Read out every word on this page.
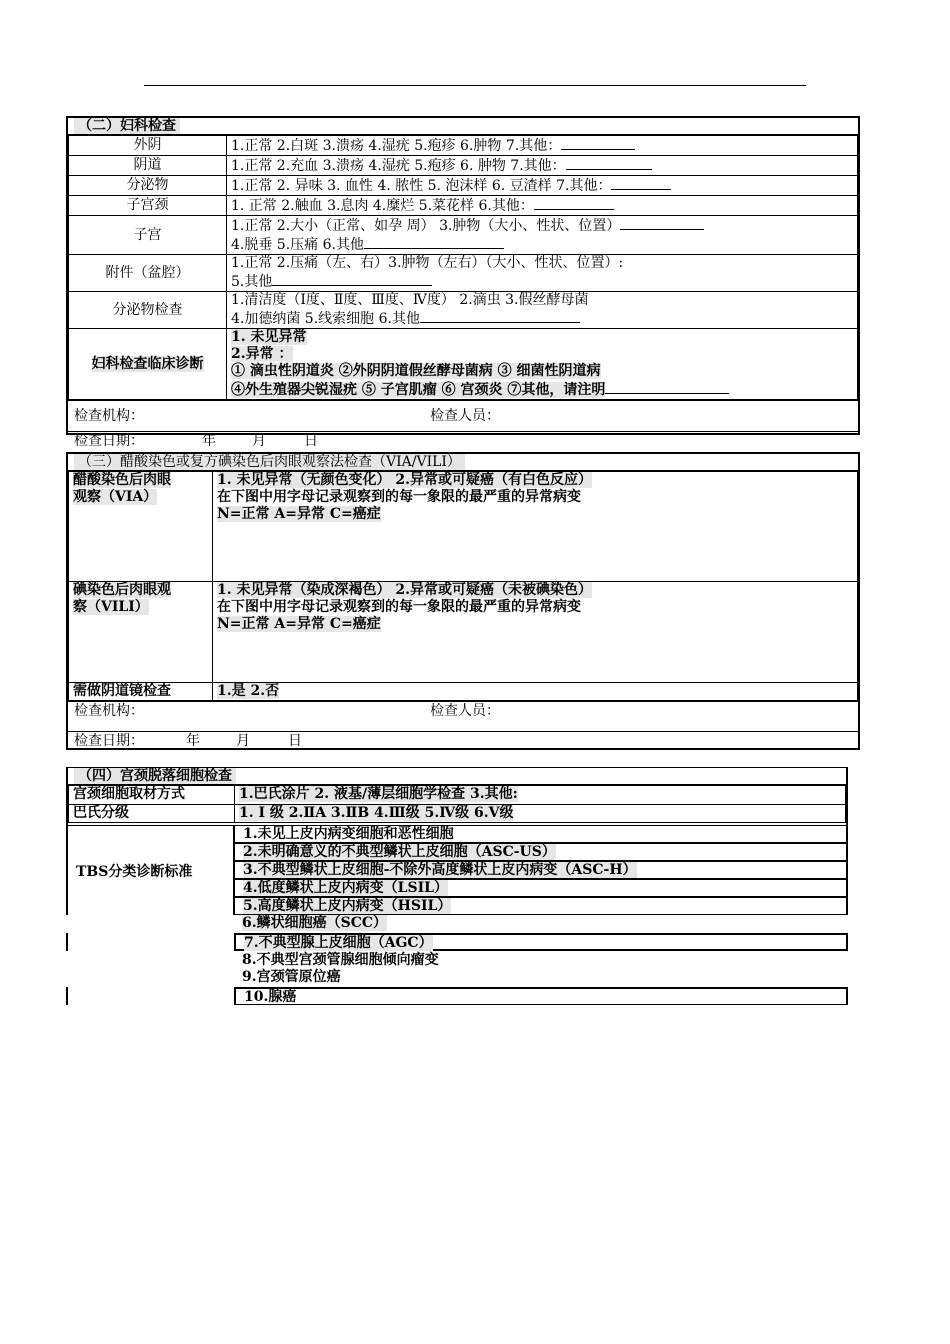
（二）妇科检查
外阴	1.正常 2.白斑 3.溃疡 4.湿疣 5.疱疹 6.肿物 7.其他：
阴道	1.正常 2.充血 3.溃疡 4.湿疣 5.疱疹 6. 肿物 7.其他：
分泌物	1.正常 2. 异味 3. 血性 4. 脓性 5. 泡沫样 6. 豆渣样 7.其他：
子宫颈	1. 正常 2.触血 3.息肉 4.糜烂 5.菜花样 6.其他：
子宫	1.正常 2.大小（正常、如孕 周） 3.肿物（大小、性状、位置）
4.脱垂 5.压痛 6.其他
附件（盆腔）	1.正常 2.压痛（左、右）3.肿物（左右）（大小、性状、位置）:
5.其他
分泌物检查	1.清洁度（Ⅰ度、Ⅱ度、Ⅲ度、Ⅳ度） 2.滴虫 3.假丝酵母菌
4.加德纳菌 5.线索细胞 6.其他
妇科检查临床诊断	1. 未见异常
2.异常 ：
① 滴虫性阴道炎 ②外阴阴道假丝酵母菌病 ③ 细菌性阴道病
④外生殖器尖锐湿疣 ⑤ 子宫肌瘤 ⑥ 宫颈炎 ⑦其他，请注明
检查机构：	检查人员：
检查日期：	年	月	日
（三）醋酸染色或复方碘染色后肉眼观察法检查（VIA/VILI）
醋酸染色后肉眼
观察（VIA）	1. 未见异常（无颜色变化） 2.异常或可疑癌（有白色反应）
在下图中用字母记录观察到的每一象限的最严重的异常病变
N=正常 A=异常 C=癌症
碘染色后肉眼观
察（VILI）	1. 未见异常（染成深褐色） 2.异常或可疑癌（未被碘染色）
在下图中用字母记录观察到的每一象限的最严重的异常病变
N=正常 A=异常 C=癌症
需做阴道镜检查	1.是 2.否
检查机构：	检查人员：
检查日期：	年	月	日
（四）宫颈脱落细胞检查
宫颈细胞取材方式	1.巴氏涂片 2. 液基/薄层细胞学检查 3.其他:
巴氏分级	1. Ⅰ 级 2.ⅡA 3.ⅡB 4.Ⅲ级 5.Ⅳ级 6.Ⅴ级
TBS分类诊断标准
1.未见上皮内病变细胞和恶性细胞
2.未明确意义的不典型鳞状上皮细胞（ASC-US）
3.不典型鳞状上皮细胞-不除外高度鳞状上皮内病变（ASC-H）
4.低度鳞状上皮内病变（LSIL）
5.高度鳞状上皮内病变（HSIL）
6.鳞状细胞癌（SCC）
7.不典型腺上皮细胞（AGC）
8.不典型宫颈管腺细胞倾向瘤变
9.宫颈管原位癌
10.腺癌
